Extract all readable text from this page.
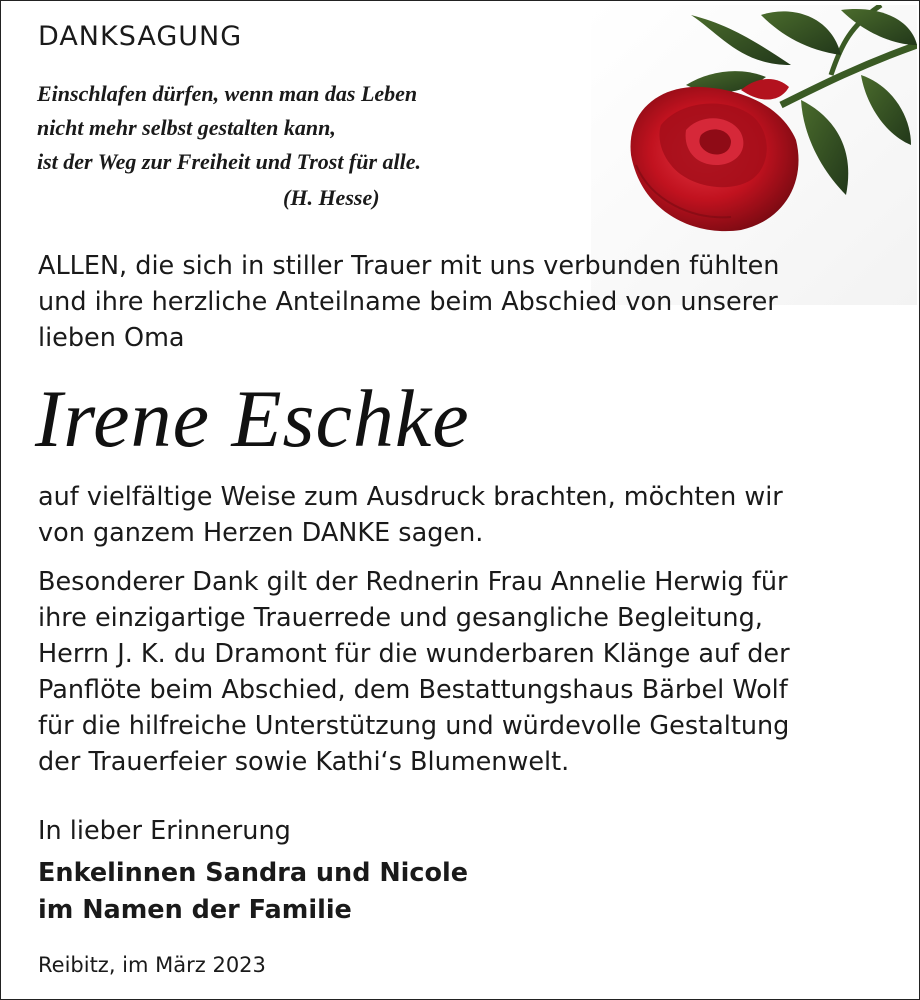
DANKSAGUNG
Einschlafen dürfen, wenn man das Leben
nicht mehr selbst gestalten kann,
ist der Weg zur Freiheit und Trost für alle.
(H. Hesse)
ALLEN, die sich in stiller Trauer mit uns verbunden fühlten
und ihre herzliche Anteilname beim Abschied von unserer
lieben Oma
Irene Eschke
auf vielfältige Weise zum Ausdruck brachten, möchten wir
von ganzem Herzen DANKE sagen.
Besonderer Dank gilt der Rednerin Frau Annelie Herwig für
ihre einzigartige Trauerrede und gesangliche Begleitung,
Herrn J. K. du Dramont für die wunderbaren Klänge auf der
Panflöte beim Abschied, dem Bestattungshaus Bärbel Wolf
für die hilfreiche Unterstützung und würdevolle Gestaltung
der Trauerfeier sowie Kathi‘s Blumenwelt.
In lieber Erinnerung
Enkelinnen Sandra und Nicole
im Namen der Familie
Reibitz, im März 2023
